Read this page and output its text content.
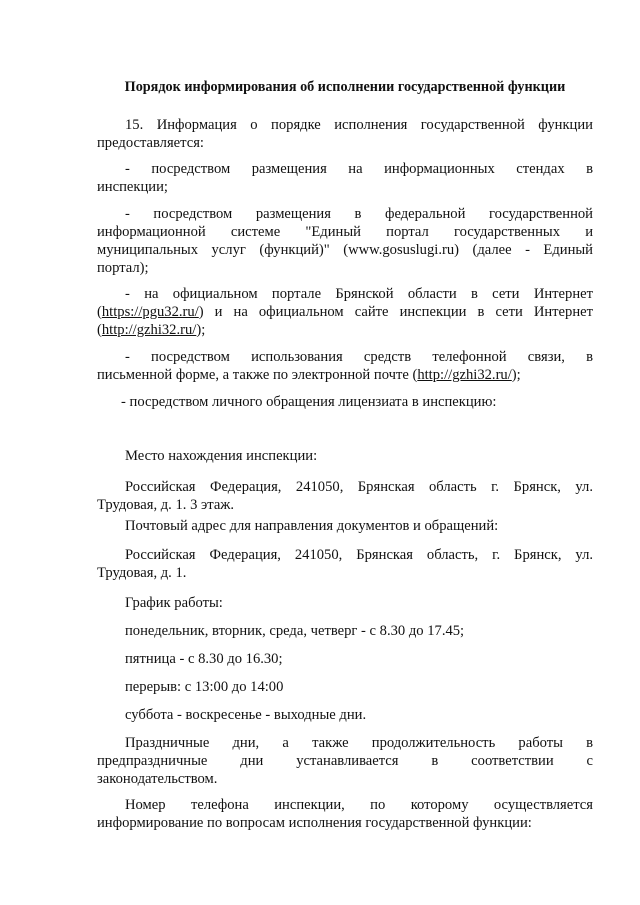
Порядок информирования об исполнении государственной функции

15. Информация о порядке исполнения государственной функции
предоставляется:
- посредством размещения на информационных стендах в
инспекции;
- посредством размещения в федеральной государственной
информационной системе "Единый портал государственных и
муниципальных услуг (функций)" (www.gosuslugi.ru) (далее - Единый
портал);
- на официальном портале Брянской области в сети Интернет
(https://pgu32.ru/) и на официальном сайте инспекции в сети Интернет
(http://gzhi32.ru/);
- посредством использования средств телефонной связи, в
письменной форме, а также по электронной почте (http://gzhi32.ru/);

- посредством личного обращения лицензиата в инспекцию:

Место нахождения инспекции:

Российская Федерация, 241050, Брянская область г. Брянск, ул.
Трудовая, д. 1. 3 этаж.

Почтовый адрес для направления документов и обращений:

Российская Федерация, 241050, Брянская область, г. Брянск, ул.
Трудовая, д. 1.

График работы:

понедельник, вторник, среда, четверг - с 8.30 до 17.45;

пятница - с 8.30 до 16.30;

перерыв: с 13:00 до 14:00

суббота - воскресенье - выходные дни.

Праздничные дни, а также продолжительность работы в
предпраздничные дни устанавливается в соответствии с
законодательством.
Номер телефона инспекции, по которому осуществляется
информирование по вопросам исполнения государственной функции:
